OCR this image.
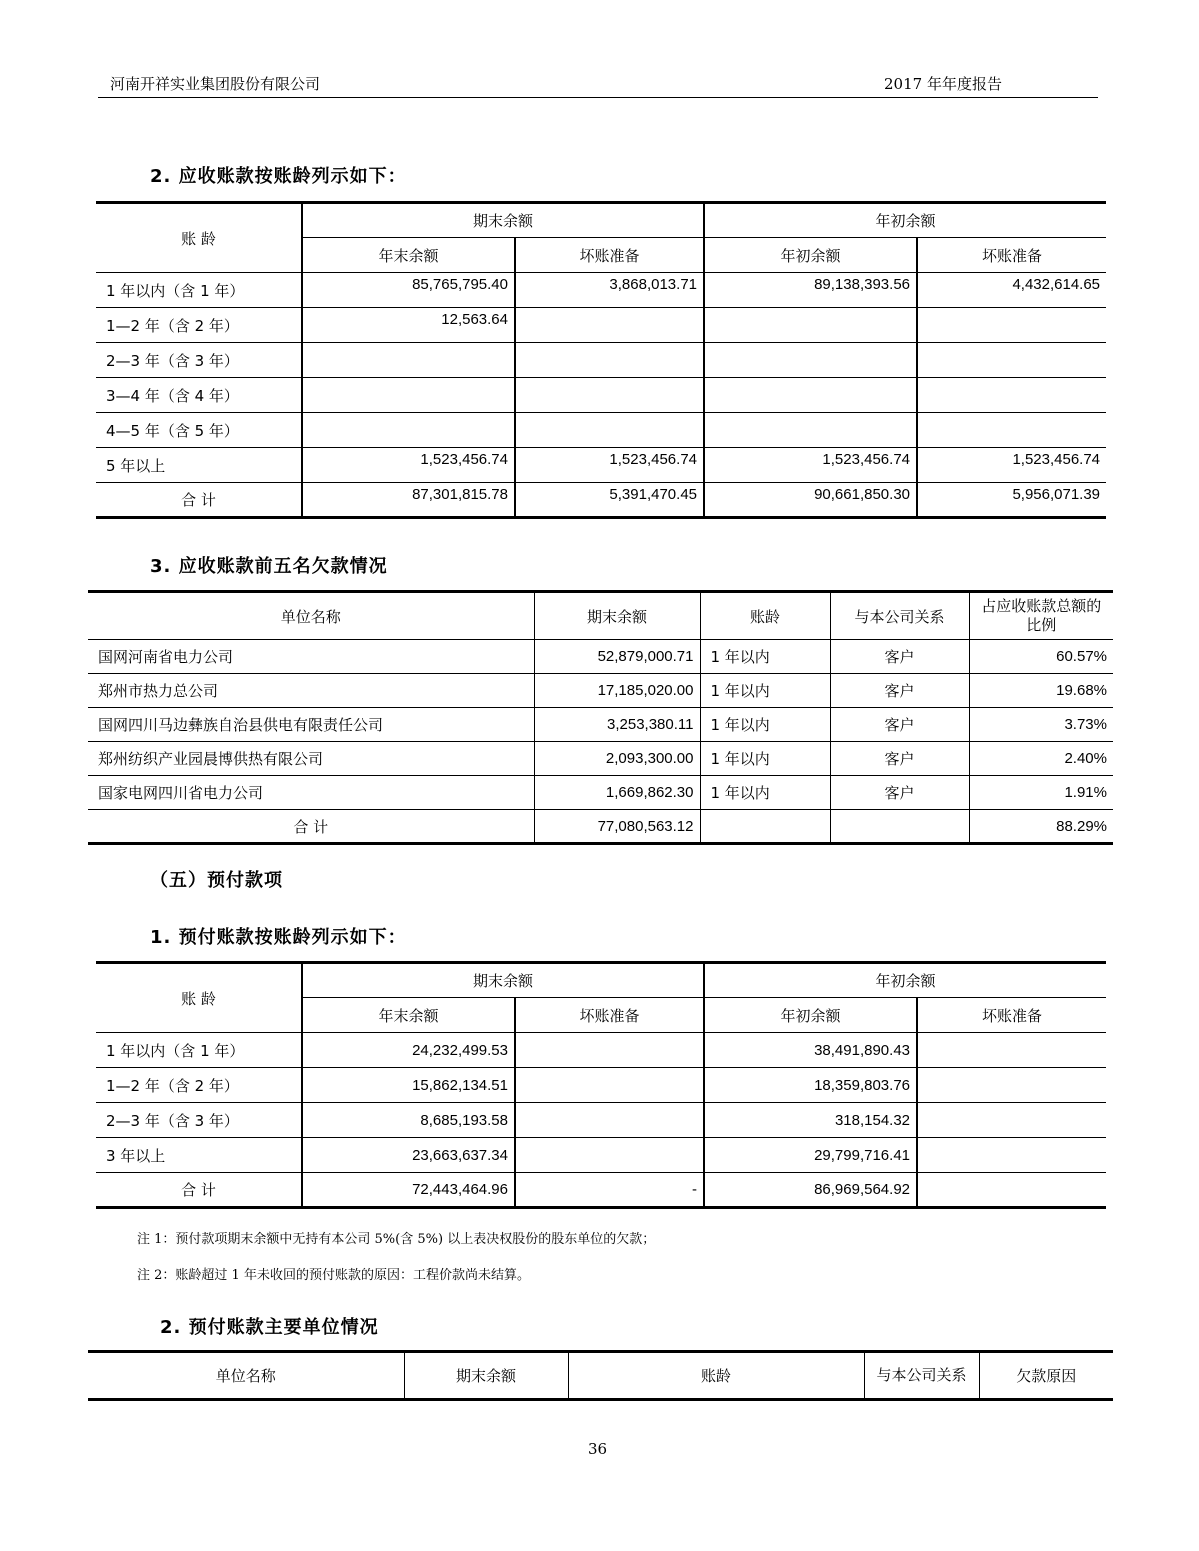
河南开祥实业集团股份有限公司	2017 年年度报告
2. 应收账款按账龄列示如下：
账 龄	期末余额		年初余额	
	年末余额	坏账准备	年初余额	坏账准备
1 年以内（含 1 年）	85,765,795.40	3,868,013.71	89,138,393.56	4,432,614.65
1—2 年（含 2 年）	12,563.64			
2—3 年（含 3 年）				
3—4 年（含 4 年）				
4—5 年（含 5 年）				
5 年以上	1,523,456.74	1,523,456.74	1,523,456.74	1,523,456.74
合 计	87,301,815.78	5,391,470.45	90,661,850.30	5,956,071.39
3. 应收账款前五名欠款情况
单位名称	期末余额	账龄	与本公司关系	占应收账款总额的比例
国网河南省电力公司	52,879,000.71	1 年以内	客户	60.57%
郑州市热力总公司	17,185,020.00	1 年以内	客户	19.68%
国网四川马边彝族自治县供电有限责任公司	3,253,380.11	1 年以内	客户	3.73%
郑州纺织产业园晨博供热有限公司	2,093,300.00	1 年以内	客户	2.40%
国家电网四川省电力公司	1,669,862.30	1 年以内	客户	1.91%
合 计	77,080,563.12			88.29%
（五）预付款项
1. 预付账款按账龄列示如下：
账 龄	期末余额		年初余额	
	年末余额	坏账准备	年初余额	坏账准备
1 年以内（含 1 年）	24,232,499.53		38,491,890.43	
1—2 年（含 2 年）	15,862,134.51		18,359,803.76	
2—3 年（含 3 年）	8,685,193.58		318,154.32	
3 年以上	23,663,637.34		29,799,716.41	
合 计	72,443,464.96	-	86,969,564.92	
注 1：预付款项期末余额中无持有本公司 5%(含 5%) 以上表决权股份的股东单位的欠款；
注 2：账龄超过 1 年未收回的预付账款的原因：工程价款尚未结算。
2. 预付账款主要单位情况
单位名称	期末余额	账龄	与本公司关系	欠款原因
36
